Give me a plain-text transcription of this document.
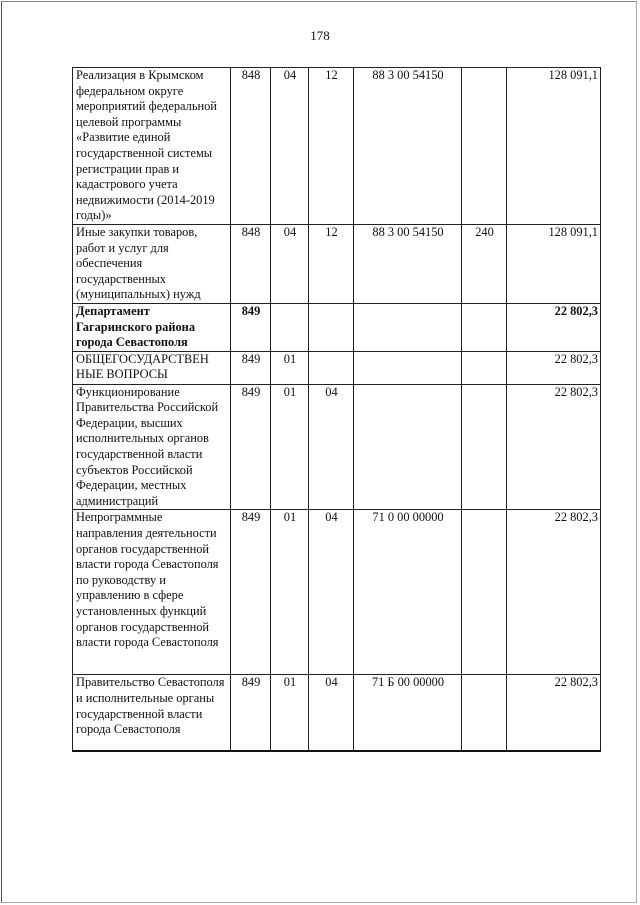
178
Реализация в Крымском федеральном округе мероприятий федеральной целевой программы «Развитие единой государственной системы регистрации прав и кадастрового учета недвижимости (2014-2019 годы)»	848	04	12	88 3 00 54150		128 091,1
Иные закупки товаров, работ и услуг для обеспечения государственных (муниципальных) нужд	848	04	12	88 3 00 54150	240	128 091,1
Департамент Гагаринского района города Севастополя	849					22 802,3
ОБЩЕГОСУДАРСТВЕН НЫЕ ВОПРОСЫ	849	01				22 802,3
Функционирование Правительства Российской Федерации, высших исполнительных органов государственной власти субъектов Российской Федерации, местных администраций	849	01	04			22 802,3
Непрограммные направления деятельности органов государственной власти города Севастополя по руководству и управлению в сфере установленных функций органов государственной власти города Севастополя	849	01	04	71 0 00 00000		22 802,3
Правительство Севастополя и исполнительные органы государственной власти города Севастополя	849	01	04	71 Б 00 00000		22 802,3
